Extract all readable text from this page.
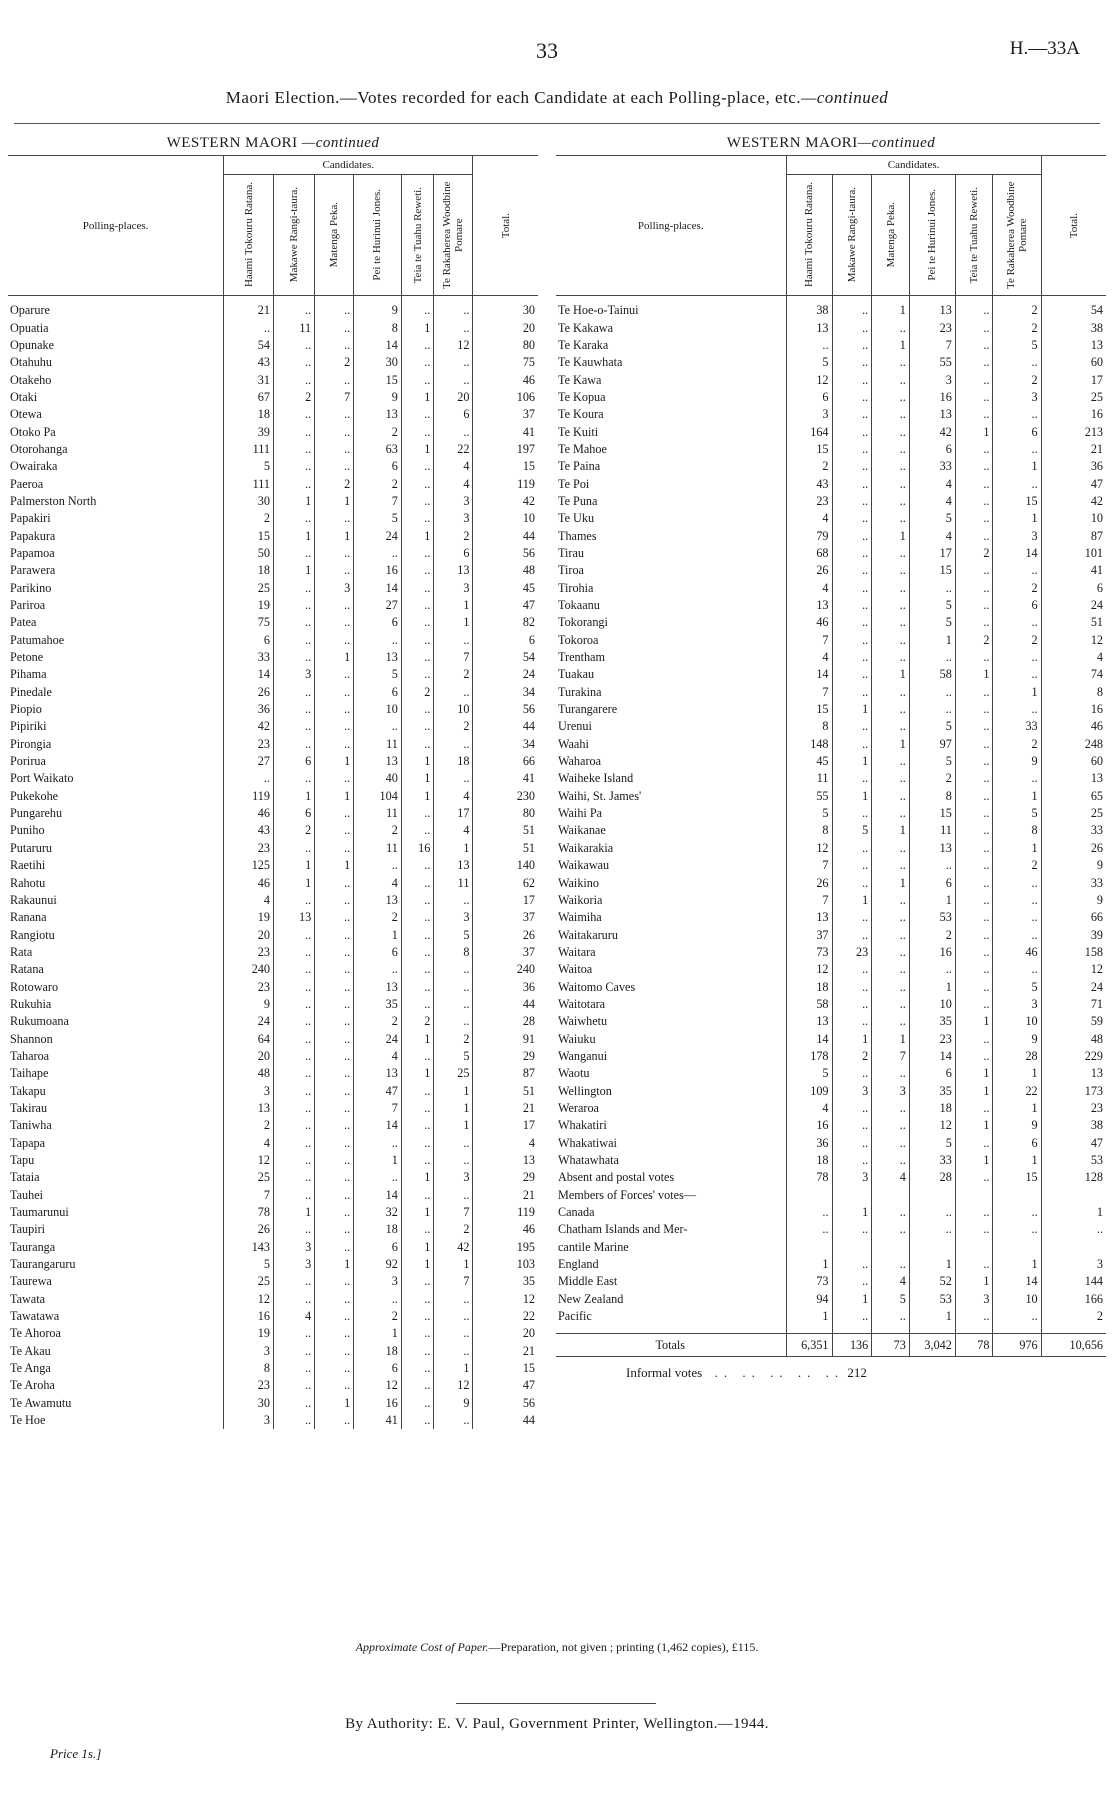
33	H.—33A
Maori Election.—Votes recorded for each Candidate at each Polling-place, etc.—continued
WESTERN MAORI —continued
Polling-places.	Candidates.						Total.

	Haami Tokouru Ratana.	Makawe Rangi-taura.	Matenga Peka.	Pei te Hurinui Jones.	Teia te Tuahu Reweti.	Te Rakaherea Woodbine Pomare	

Oparure	21	..	..	9	..	..	30
Opuatia	..	11	..	8	1	..	20
Opunake	54	..	..	14	..	12	80
Otahuhu	43	..	2	30	..	..	75
Otakeho	31	..	..	15	..	..	46
Otaki	67	2	7	9	1	20	106
Otewa	18	..	..	13	..	6	37
Otoko Pa	39	..	..	2	..	..	41
Otorohanga	111	..	..	63	1	22	197
Owairaka	5	..	..	6	..	4	15
Paeroa	111	..	2	2	..	4	119
Palmerston North	30	1	1	7	..	3	42
Papakiri	2	..	..	5	..	3	10
Papakura	15	1	1	24	1	2	44
Papamoa	50	..	..	..	..	6	56
Parawera	18	1	..	16	..	13	48
Parikino	25	..	3	14	..	3	45
Pariroa	19	..	..	27	..	1	47
Patea	75	..	..	6	..	1	82
Patumahoe	6	..	..	..	..	..	6
Petone	33	..	1	13	..	7	54
Pihama	14	3	..	5	..	2	24
Pinedale	26	..	..	6	2	..	34
Piopio	36	..	..	10	..	10	56
Pipiriki	42	..	..	..	..	2	44
Pirongia	23	..	..	11	..	..	34
Porirua	27	6	1	13	1	18	66
Port Waikato	..	..	..	40	1	..	41
Pukekohe	119	1	1	104	1	4	230
Pungarehu	46	6	..	11	..	17	80
Puniho	43	2	..	2	..	4	51
Putaruru	23	..	..	11	16	1	51
Raetihi	125	1	1	..	..	13	140
Rahotu	46	1	..	4	..	11	62
Rakaunui	4	..	..	13	..	..	17
Ranana	19	13	..	2	..	3	37
Rangiotu	20	..	..	1	..	5	26
Rata	23	..	..	6	..	8	37
Ratana	240	..	..	..	..	..	240
Rotowaro	23	..	..	13	..	..	36
Rukuhia	9	..	..	35	..	..	44
Rukumoana	24	..	..	2	2	..	28
Shannon	64	..	..	24	1	2	91
Taharoa	20	..	..	4	..	5	29
Taihape	48	..	..	13	1	25	87
Takapu	3	..	..	47	..	1	51
Takirau	13	..	..	7	..	1	21
Taniwha	2	..	..	14	..	1	17
Tapapa	4	..	..	..	..	..	4
Tapu	12	..	..	1	..	..	13
Tataia	25	..	..	..	1	3	29
Tauhei	7	..	..	14	..	..	21
Taumarunui	78	1	..	32	1	7	119
Taupiri	26	..	..	18	..	2	46
Tauranga	143	3	..	6	1	42	195
Taurangaruru	5	3	1	92	1	1	103
Taurewa	25	..	..	3	..	7	35
Tawata	12	..	..	..	..	..	12
Tawatawa	16	4	..	2	..	..	22
Te Ahoroa	19	..	..	1	..	..	20
Te Akau	3	..	..	18	..	..	21
Te Anga	8	..	..	6	..	1	15
Te Aroha	23	..	..	12	..	12	47
Te Awamutu	30	..	1	16	..	9	56
Te Hoe	3	..	..	41	..	..	44
WESTERN MAORI—continued
Polling-places.	Candidates.						Total.

	Haami Tokouru Ratana.	Makawe Rangi-taura.	Matenga Peka.	Pei te Hurinui Jones.	Teia te Tuahu Reweti.	Te Rakaherea Woodbine Pomare	

Te Hoe-o-Tainui	38	..	1	13	..	2	54
Te Kakawa	13	..	..	23	..	2	38
Te Karaka	..	..	1	7	..	5	13
Te Kauwhata	5	..	..	55	..	..	60
Te Kawa	12	..	..	3	..	2	17
Te Kopua	6	..	..	16	..	3	25
Te Koura	3	..	..	13	..	..	16
Te Kuiti	164	..	..	42	1	6	213
Te Mahoe	15	..	..	6	..	..	21
Te Paina	2	..	..	33	..	1	36
Te Poi	43	..	..	4	..	..	47
Te Puna	23	..	..	4	..	15	42
Te Uku	4	..	..	5	..	1	10
Thames	79	..	1	4	..	3	87
Tirau	68	..	..	17	2	14	101
Tiroa	26	..	..	15	..	..	41
Tirohia	4	..	..	..	..	2	6
Tokaanu	13	..	..	5	..	6	24
Tokorangi	46	..	..	5	..	..	51
Tokoroa	7	..	..	1	2	2	12
Trentham	4	..	..	..	..	..	4
Tuakau	14	..	1	58	1	..	74
Turakina	7	..	..	..	..	1	8
Turangarere	15	1	..	..	..	..	16
Urenui	8	..	..	5	..	33	46
Waahi	148	..	1	97	..	2	248
Waharoa	45	1	..	5	..	9	60
Waiheke Island	11	..	..	2	..	..	13
Waihi, St. James'	55	1	..	8	..	1	65
Waihi Pa	5	..	..	15	..	5	25
Waikanae	8	5	1	11	..	8	33
Waikarakia	12	..	..	13	..	1	26
Waikawau	7	..	..	..	..	2	9
Waikino	26	..	1	6	..	..	33
Waikoria	7	1	..	1	..	..	9
Waimiha	13	..	..	53	..	..	66
Waitakaruru	37	..	..	2	..	..	39
Waitara	73	23	..	16	..	46	158
Waitoa	12	..	..	..	..	..	12
Waitomo Caves	18	..	..	1	..	5	24
Waitotara	58	..	..	10	..	3	71
Waiwhetu	13	..	..	35	1	10	59
Waiuku	14	1	1	23	..	9	48
Wanganui	178	2	7	14	..	28	229
Waotu	5	..	..	6	1	1	13
Wellington	109	3	3	35	1	22	173
Weraroa	4	..	..	18	..	1	23
Whakatiri	16	..	..	12	1	9	38
Whakatiwai	36	..	..	5	..	6	47
Whatawhata	18	..	..	33	1	1	53
Absent and postal votes	78	3	4	28	..	15	128
Members of Forces' votes—							
Canada	..	1	..	..	..	..	1
Chatham Islands and Mer-	..	..	..	..	..	..	..
cantile Marine							
England	1	..	..	1	..	1	3
Middle East	73	..	4	52	1	14	144
New Zealand	94	1	5	53	3	10	166
Pacific	1	..	..	1	..	..	2

Totals	6,351	136	73	3,042	78	976	10,656
Informal votes  .. .. .. .. .. 212
Approximate Cost of Paper.—Preparation, not given ; printing (1,462 copies), £115.
By Authority: E. V. Paul, Government Printer, Wellington.—1944.
Price 1s.]
